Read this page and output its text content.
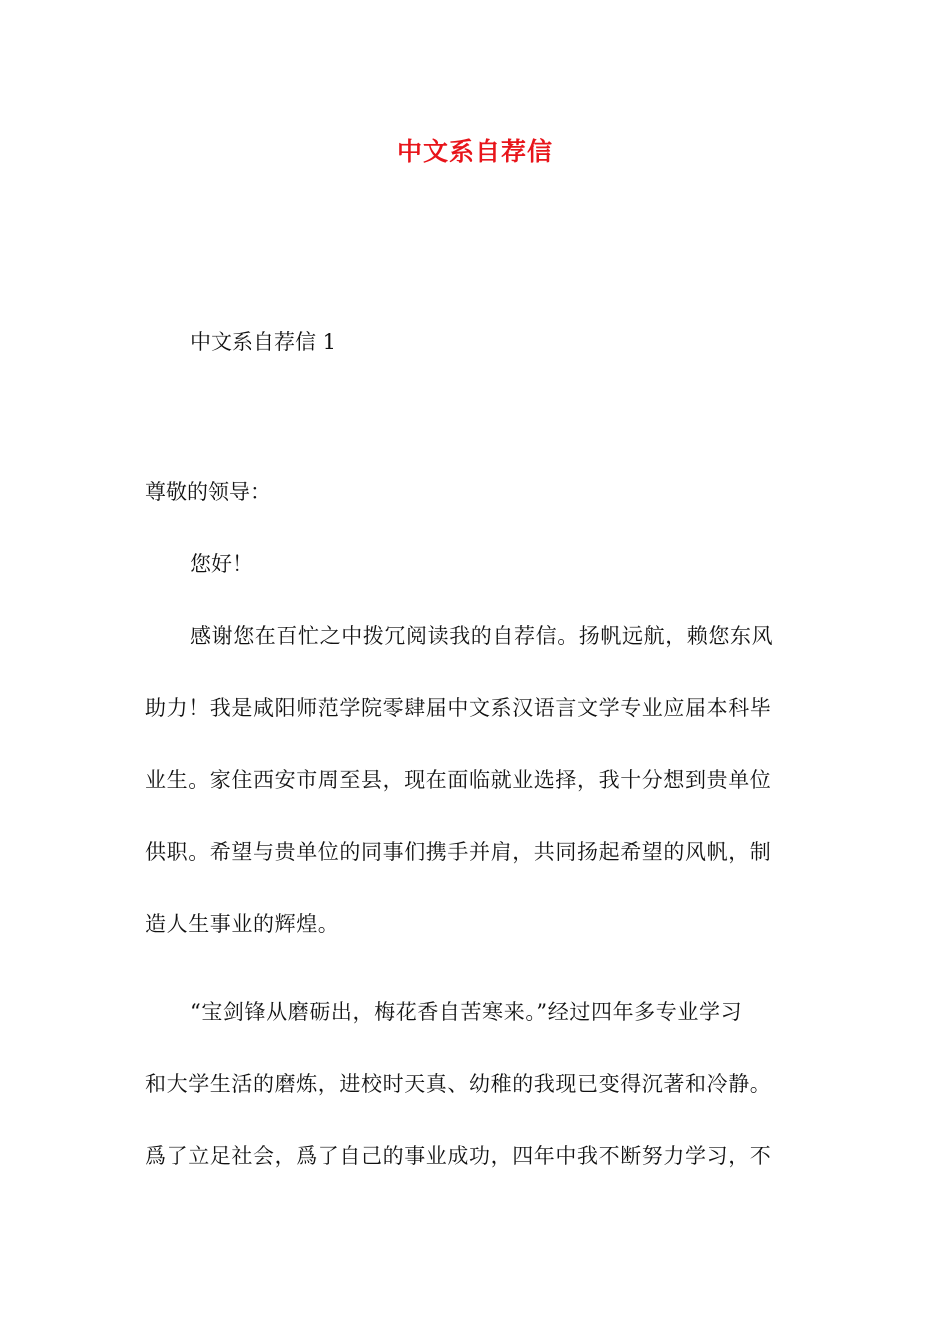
中文系自荐信
中文系自荐信 1
尊敬的领导：
您好！
感谢您在百忙之中拨冗阅读我的自荐信。扬帆远航，赖您东风
助力！我是咸阳师范学院零肆届中文系汉语言文学专业应届本科毕
业生。家住西安市周至县，现在面临就业选择，我十分想到贵单位
供职。希望与贵单位的同事们携手并肩，共同扬起希望的风帆，制
造人生事业的辉煌。
“宝剑锋从磨砺出，梅花香自苦寒来。”经过四年多专业学习
和大学生活的磨炼，进校时天真、幼稚的我现已变得沉著和冷静。
爲了立足社会，爲了自己的事业成功，四年中我不断努力学习，不
